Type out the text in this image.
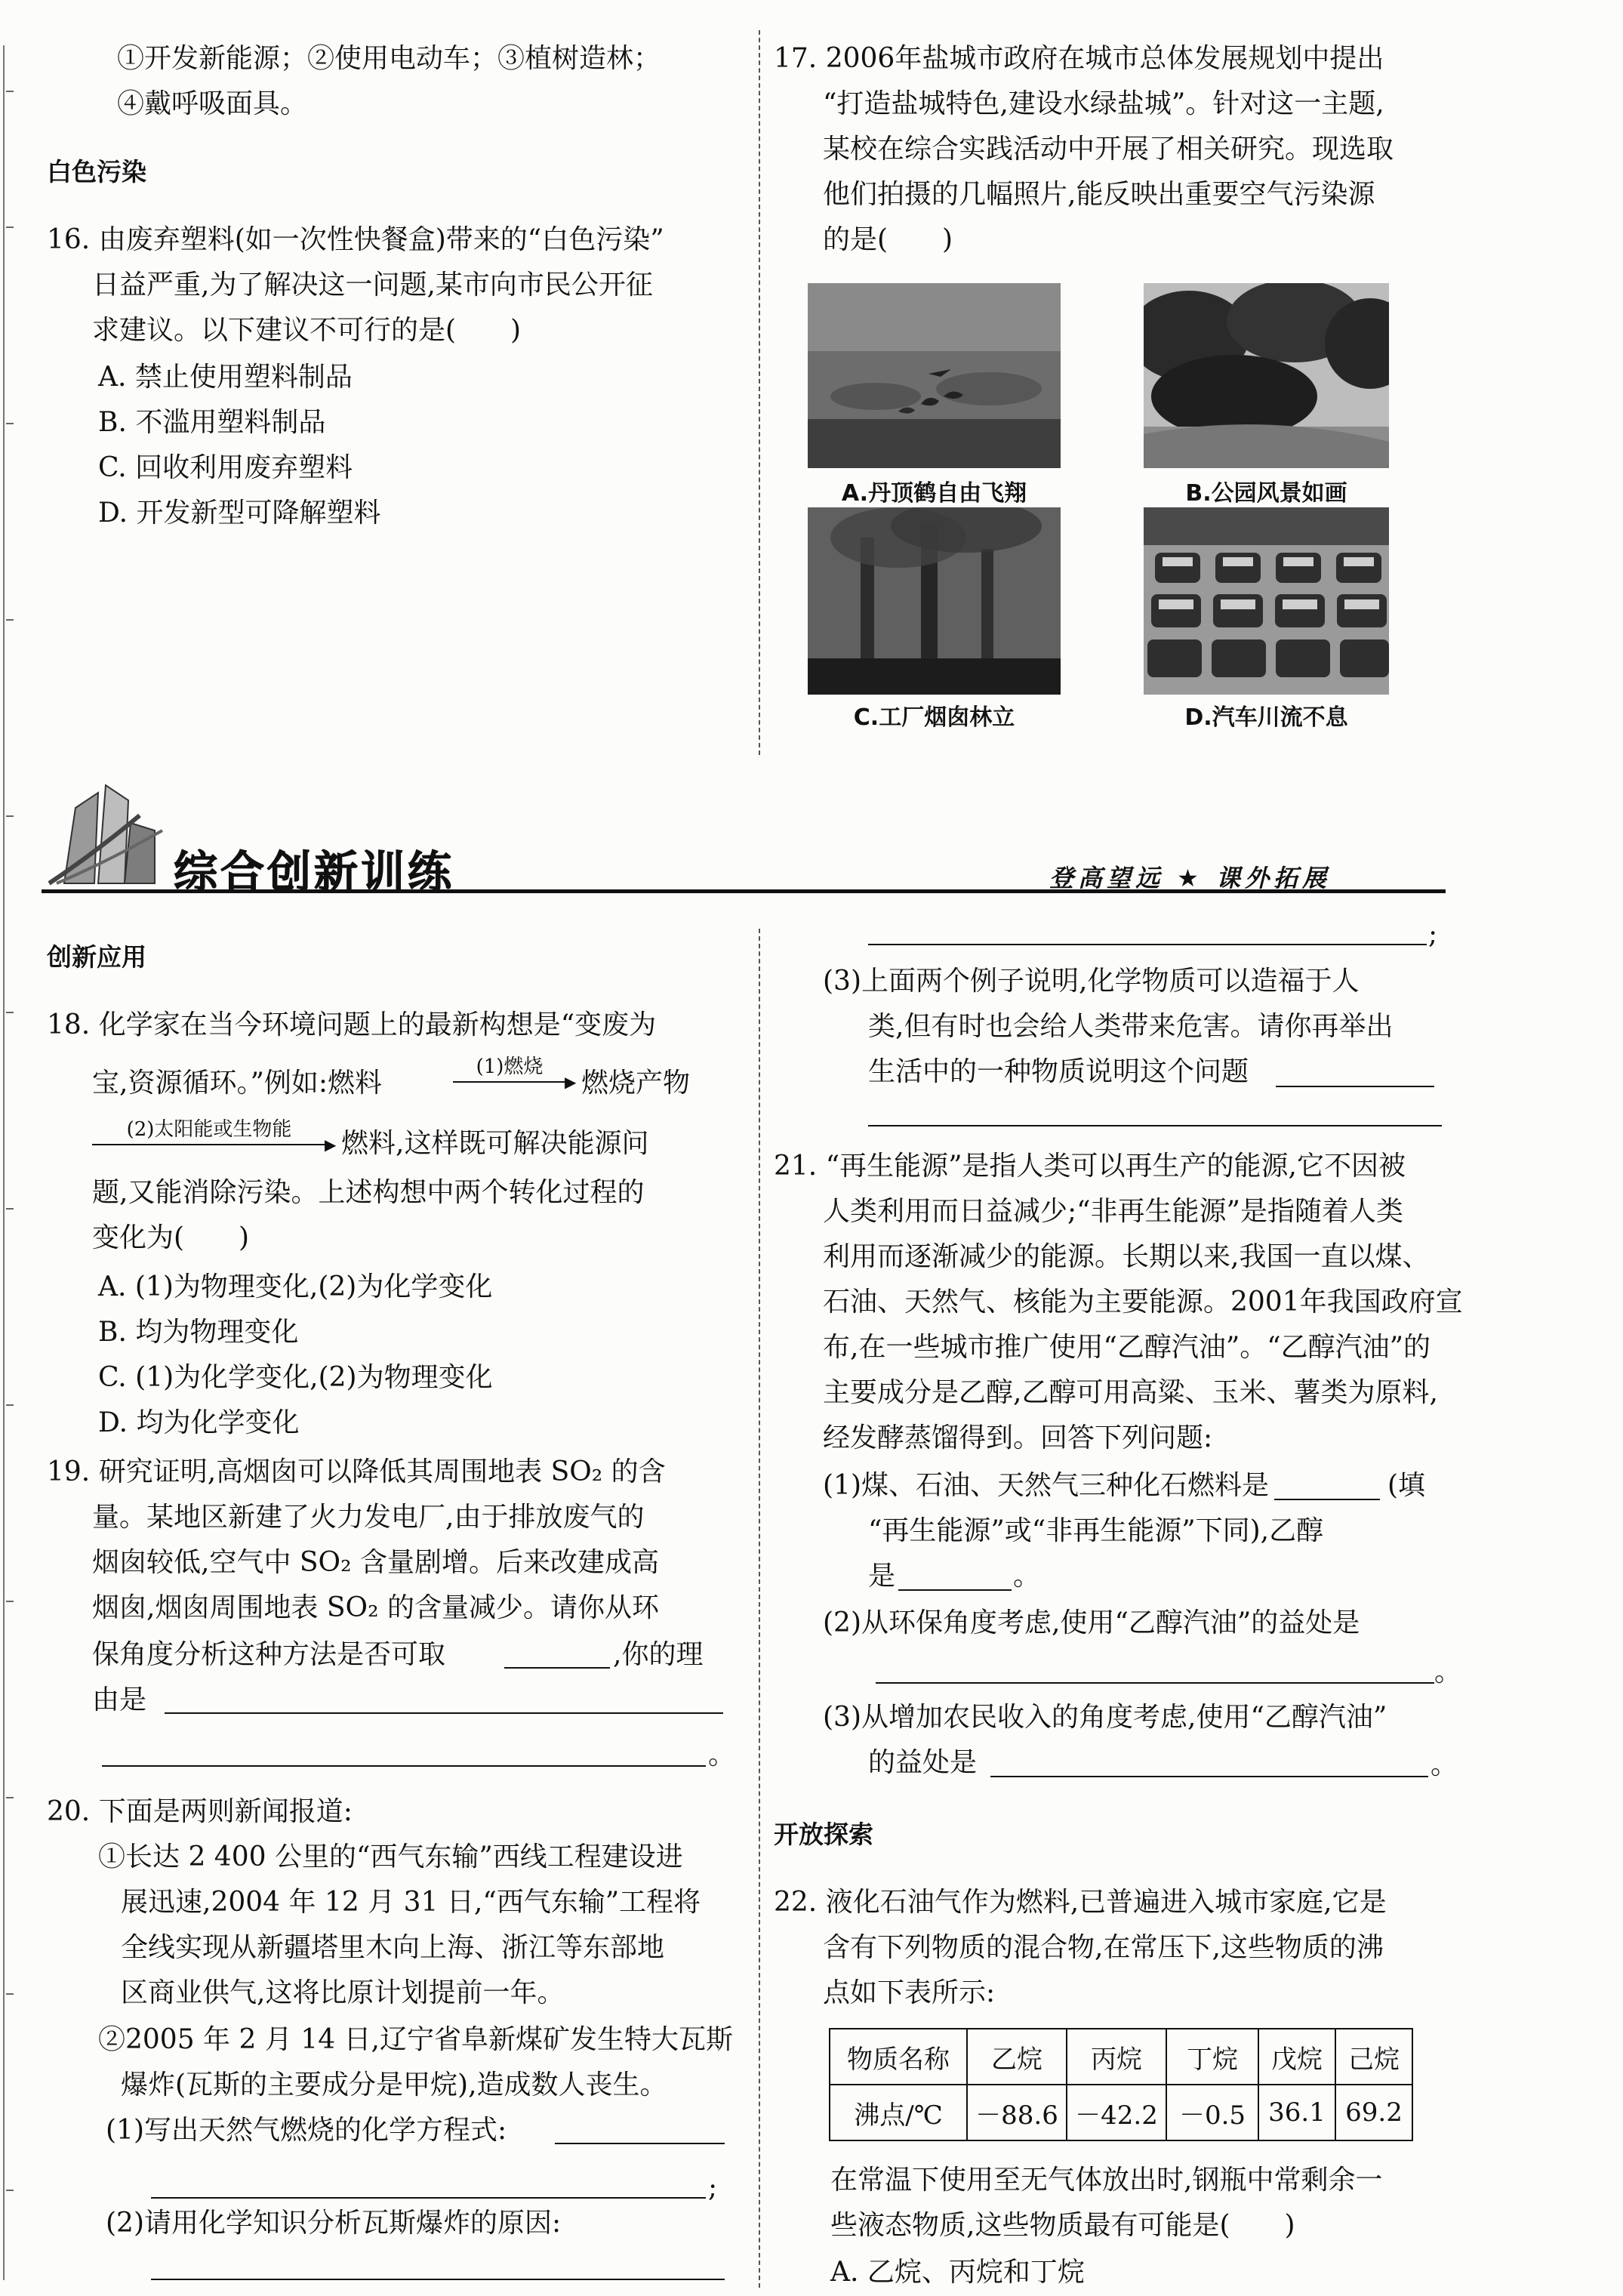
①开发新能源；②使用电动车；③植树造林；
④戴呼吸面具。
白色污染
16. 由废弃塑料(如一次性快餐盒)带来的“白色污染”
日益严重,为了解决这一问题,某市向市民公开征
求建议。以下建议不可行的是(　　)
A. 禁止使用塑料制品
B. 不滥用塑料制品
C. 回收利用废弃塑料
D. 开发新型可降解塑料
17. 2006年盐城市政府在城市总体发展规划中提出
“打造盐城特色,建设水绿盐城”。针对这一主题,
某校在综合实践活动中开展了相关研究。现选取
他们拍摄的几幅照片,能反映出重要空气污染源
的是(　　)
A.丹顶鹤自由飞翔	B.公园风景如画
C.工厂烟囱林立	D.汽车川流不息
综合创新训练	登高望远 ★ 课外拓展
创新应用
18. 化学家在当今环境问题上的最新构想是“变废为
宝,资源循环。”例如:燃料
(1)燃烧
▶ 燃烧产物
(2)太阳能或生物能
▶ 燃料,这样既可解决能源问
题,又能消除污染。上述构想中两个转化过程的
变化为(　　)
A. (1)为物理变化,(2)为化学变化
B. 均为物理变化
C. (1)为化学变化,(2)为物理变化
D. 均为化学变化
19. 研究证明,高烟囱可以降低其周围地表 SO₂ 的含
量。某地区新建了火力发电厂,由于排放废气的
烟囱较低,空气中 SO₂ 含量剧增。后来改建成高
烟囱,烟囱周围地表 SO₂ 的含量减少。请你从环
保角度分析这种方法是否可取	,你的理
由是
。
20. 下面是两则新闻报道:
①长达 2 400 公里的“西气东输”西线工程建设进
展迅速,2004 年 12 月 31 日,“西气东输”工程将
全线实现从新疆塔里木向上海、浙江等东部地
区商业供气,这将比原计划提前一年。
②2005 年 2 月 14 日,辽宁省阜新煤矿发生特大瓦斯
爆炸(瓦斯的主要成分是甲烷),造成数人丧生。
(1)写出天然气燃烧的化学方程式:
;
(2)请用化学知识分析瓦斯爆炸的原因:
;
(3)上面两个例子说明,化学物质可以造福于人
类,但有时也会给人类带来危害。请你再举出
生活中的一种物质说明这个问题
21. “再生能源”是指人类可以再生产的能源,它不因被
人类利用而日益减少;“非再生能源”是指随着人类
利用而逐渐减少的能源。长期以来,我国一直以煤、
石油、天然气、核能为主要能源。2001年我国政府宣
布,在一些城市推广使用“乙醇汽油”。“乙醇汽油”的
主要成分是乙醇,乙醇可用高粱、玉米、薯类为原料,
经发酵蒸馏得到。回答下列问题:
(1)煤、石油、天然气三种化石燃料是	(填
“再生能源”或“非再生能源”下同),乙醇
是	。
(2)从环保角度考虑,使用“乙醇汽油”的益处是
。
(3)从增加农民收入的角度考虑,使用“乙醇汽油”
的益处是	。
开放探索
22. 液化石油气作为燃料,已普遍进入城市家庭,它是
含有下列物质的混合物,在常压下,这些物质的沸
点如下表所示:
物质名称	乙烷	丙烷	丁烷	戊烷	己烷
沸点/℃	－88.6	－42.2	－0.5	36.1	69.2
在常温下使用至无气体放出时,钢瓶中常剩余一
些液态物质,这些物质最有可能是(　　)
A. 乙烷、丙烷和丁烷
